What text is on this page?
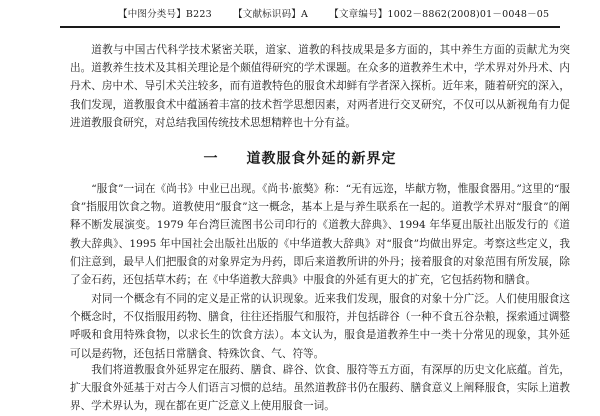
【中图分类号】B223 【文献标识码】A 【文章编号】1002－8862(2008)01－0048－05

道教与中国古代科学技术紧密关联，道家、道教的科技成果是多方面的，其中养生方面的贡献尤为突出。道教养生技术及其相关理论是个颇值得研究的学术课题。在众多的道教养生术中，学术界对外丹术、内丹术、房中术、导引术关注较多，而有道教特色的服食术却鲜有学者深入探析。近年来，随着研究的深入，我们发现，道教服食术中蕴涵着丰富的技术哲学思想因素，对两者进行交叉研究，不仅可以从新视角有力促进道教服食研究，对总结我国传统技术思想精粹也十分有益。

一 道教服食外延的新界定

“服食”一词在《尚书》中业已出现。《尚书·旅獒》称：“无有远迩，毕献方物，惟服食器用。”这里的“服食”指服用饮食之物。道教使用“服食”这一概念，基本上是与养生联系在一起的。道教学术界对“服食”的阐释不断发展演变。1979 年台湾巨流图书公司印行的《道教大辞典》、1994 年华夏出版社出版发行的《道教大辞典》、1995 年中国社会出版社出版的《中华道教大辞典》对“服食”均做出界定。考察这些定义，我们注意到，最早人们把服食的对象界定为丹药，即后来道教所讲的外丹；接着服食的对象范围有所发展，除了金石药，还包括草木药；在《中华道教大辞典》中服食的外延有更大的扩充，它包括药物和膳食。

对同一个概念有不同的定义是正常的认识现象。近来我们发现，服食的对象十分广泛。人们使用服食这个概念时，不仅指服用药物、膳食，往往还指服气和服符，并包括辟谷（一种不食五谷杂粮，探索通过调整呼吸和食用特殊食物，以求长生的饮食方法）。本文认为，服食是道教养生中一类十分常见的现象，其外延可以是药物，还包括日常膳食、特殊饮食、气、符等。

我们将道教服食外延界定在服药、膳食、辟谷、饮食、服符等五方面，有深厚的历史文化底蕴。首先，扩大服食外延基于对古今人们语言习惯的总结。虽然道教辞书仍在服药、膳食意义上阐释服食，实际上道教界、学术界认为，现在都在更广泛意义上使用服食一词。
